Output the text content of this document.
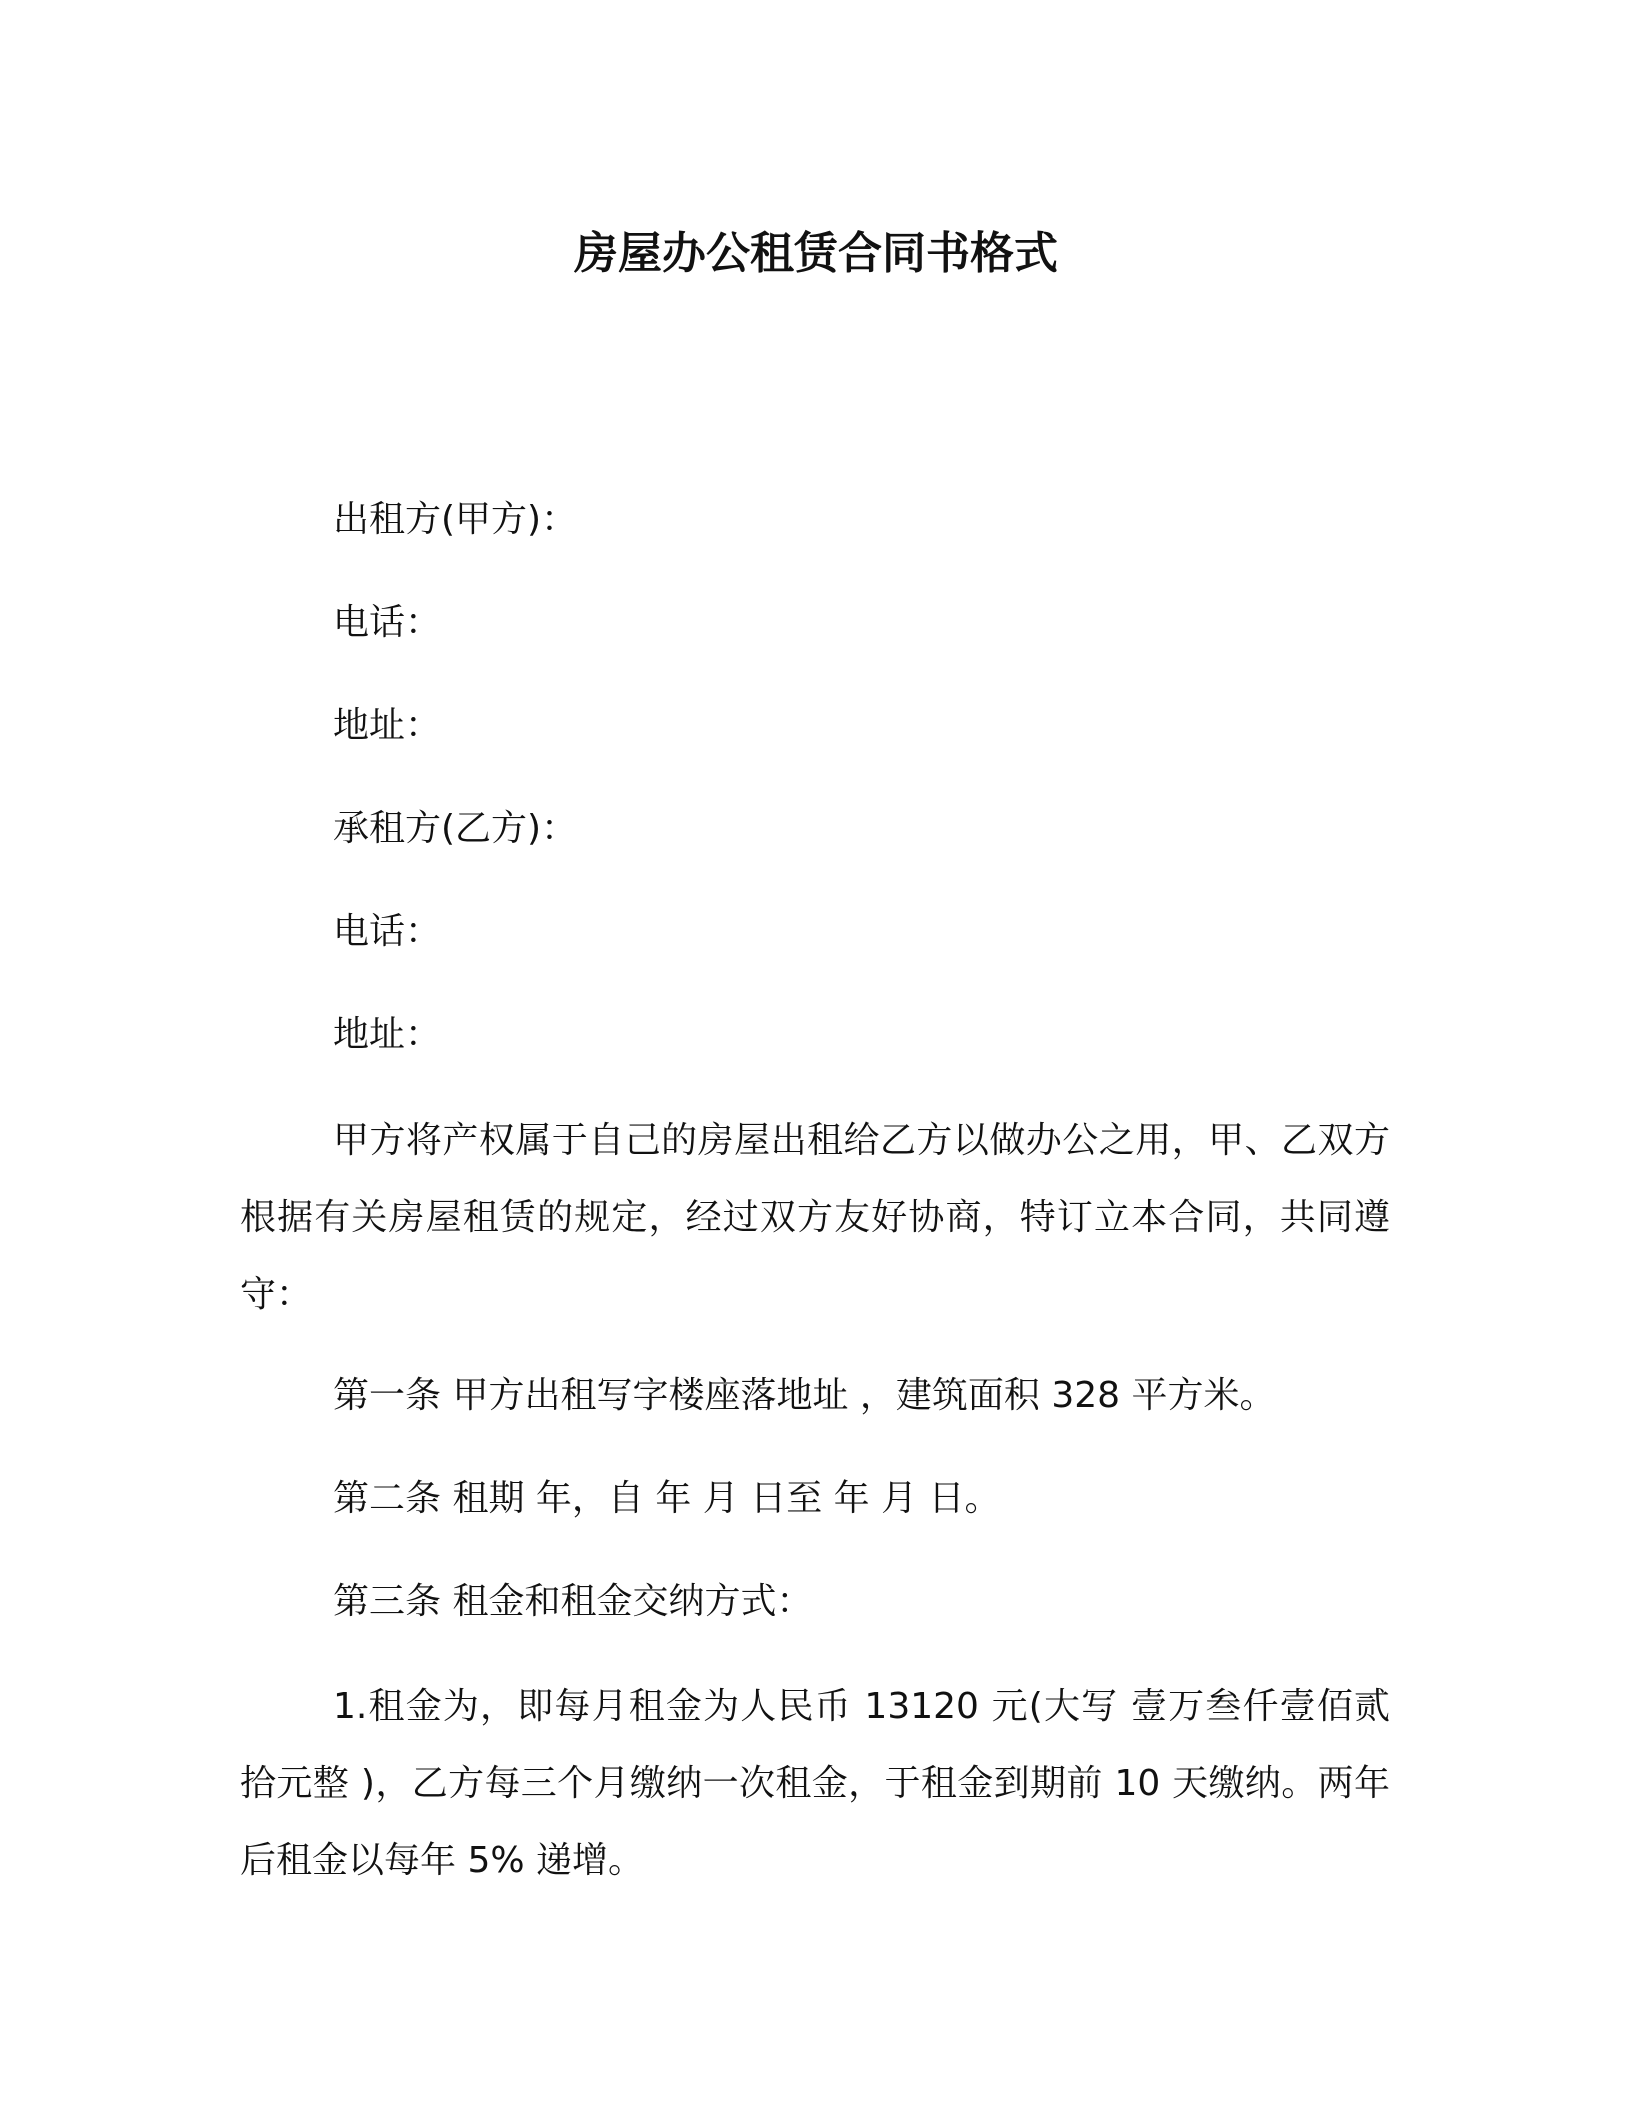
房屋办公租赁合同书格式
出租方(甲方)：
电话：
地址：
承租方(乙方)：
电话：
地址：
甲方将产权属于自己的房屋出租给乙方以做办公之用，甲、乙双方根据有关房屋租赁的规定，经过双方友好协商，特订立本合同，共同遵守：
第一条 甲方出租写字楼座落地址 ，建筑面积 328 平方米。
第二条 租期 年，自 年 月 日至 年 月 日。
第三条 租金和租金交纳方式：
1.租金为，即每月租金为人民币 13120 元(大写 壹万叁仟壹佰贰拾元整 )，乙方每三个月缴纳一次租金，于租金到期前 10 天缴纳。两年后租金以每年 5% 递增。
